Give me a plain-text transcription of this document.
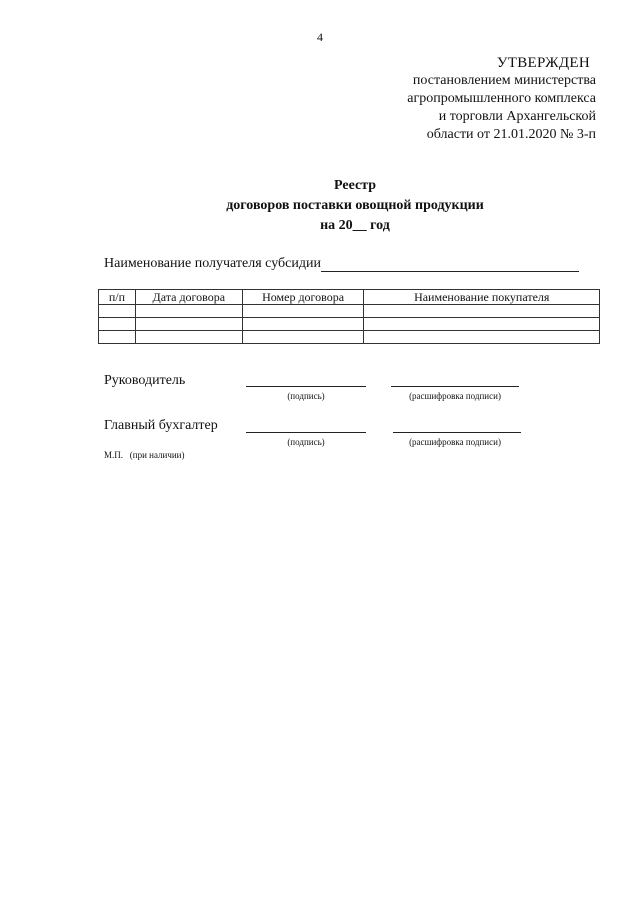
4
УТВЕРЖДЕН
постановлением министерства
агропромышленного комплекса
и торговли Архангельской
области от 21.01.2020 № 3-п
Реестр
договоров поставки овощной продукции
на 20__ год
Наименование получателя субсидии
п/п	Дата договора	Номер договора	Наименование покупателя

Руководитель
(подпись)	(расшифровка подписи)
Главный бухгалтер
(подпись)	(расшифровка подписи)
М.П.   (при наличии)
